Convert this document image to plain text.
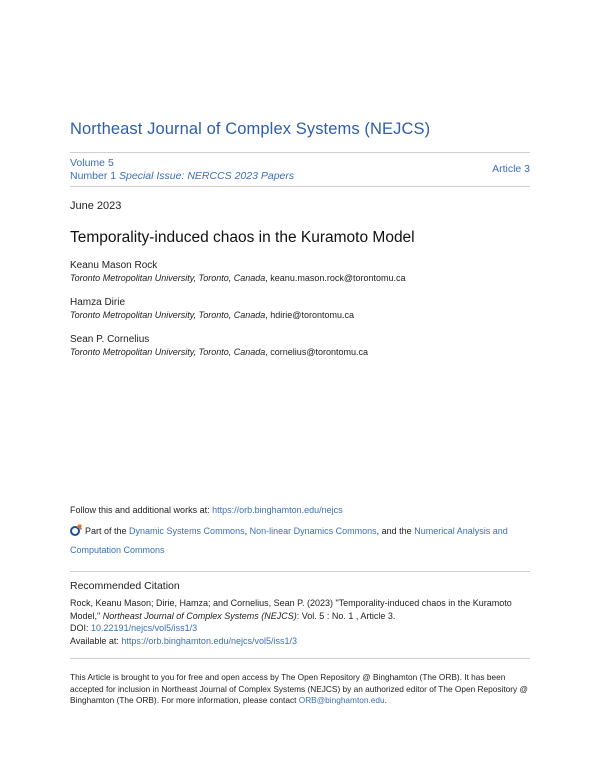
Northeast Journal of Complex Systems (NEJCS)
Volume 5
Number 1 Special Issue: NERCCS 2023 Papers
Article 3
June 2023
Temporality-induced chaos in the Kuramoto Model
Keanu Mason Rock
Toronto Metropolitan University, Toronto, Canada, keanu.mason.rock@torontomu.ca
Hamza Dirie
Toronto Metropolitan University, Toronto, Canada, hdirie@torontomu.ca
Sean P. Cornelius
Toronto Metropolitan University, Toronto, Canada, cornelius@torontomu.ca
Follow this and additional works at: https://orb.binghamton.edu/nejcs
Part of the Dynamic Systems Commons, Non-linear Dynamics Commons, and the Numerical Analysis and Computation Commons
Recommended Citation
Rock, Keanu Mason; Dirie, Hamza; and Cornelius, Sean P. (2023) "Temporality-induced chaos in the Kuramoto Model," Northeast Journal of Complex Systems (NEJCS): Vol. 5 : No. 1 , Article 3.
DOI: 10.22191/nejcs/vol5/iss1/3
Available at: https://orb.binghamton.edu/nejcs/vol5/iss1/3
This Article is brought to you for free and open access by The Open Repository @ Binghamton (The ORB). It has been accepted for inclusion in Northeast Journal of Complex Systems (NEJCS) by an authorized editor of The Open Repository @ Binghamton (The ORB). For more information, please contact ORB@binghamton.edu.
